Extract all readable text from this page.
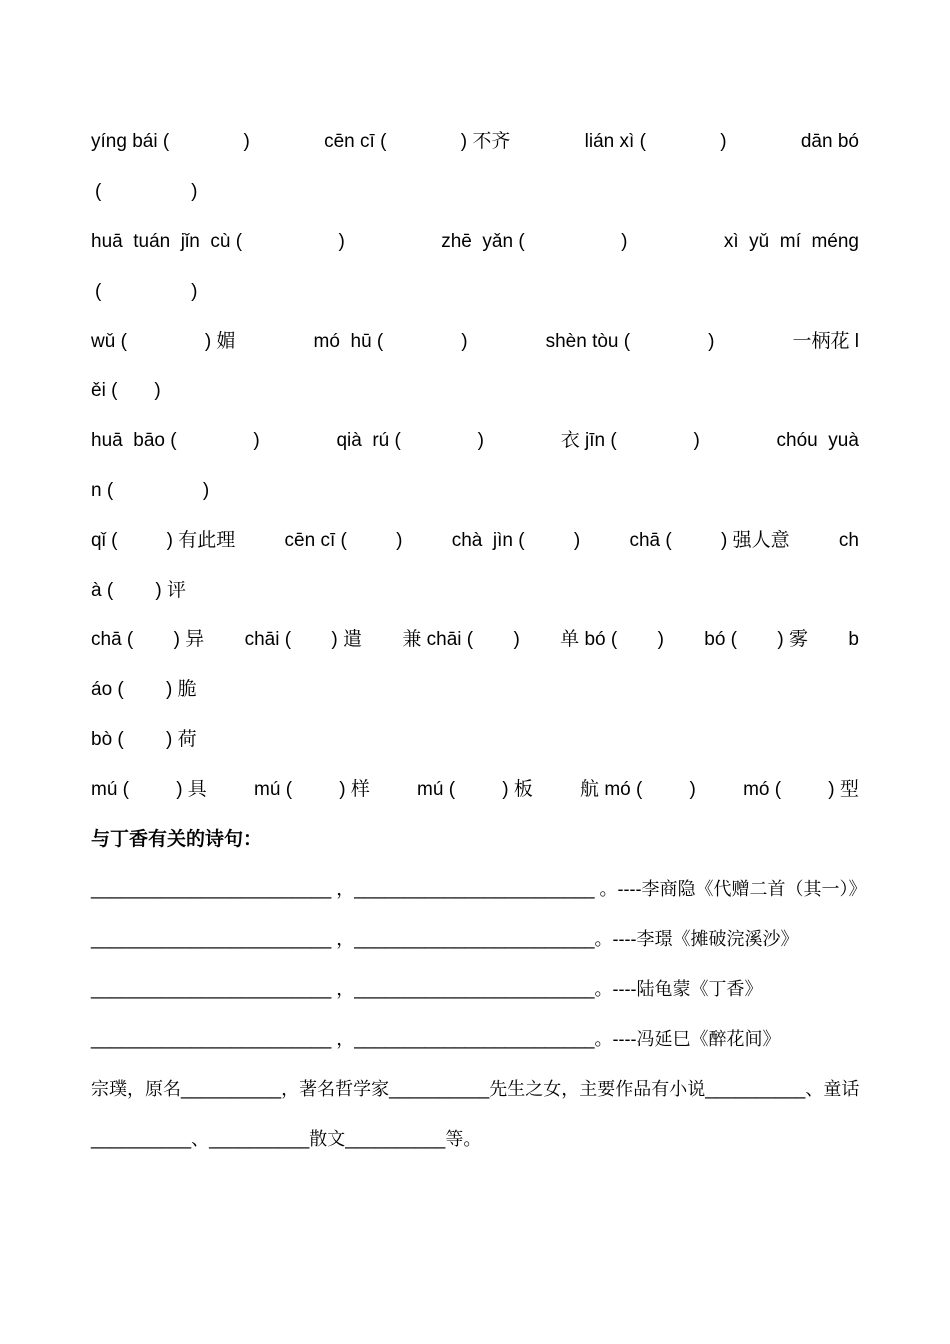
yíng bái (	)	cēn cī (	) 不齐	lián xì (	)	dān bó
(                 )
huā  tuán  jǐn  cù (	)	zhē  yǎn (	)	xì  yǔ  mí  méng
(                 )
wǔ (	) 媚	mó  hū (	)	shèn tòu (	)	一柄花 l
ěi (       )
huā  bāo (	)	qià  rú (	)	衣 jīn (	)	chóu  yuà
n (                 )
qǐ (	) 有此理	cēn cī (	)	chà  jìn (	)	chā (	) 强人意	ch
à (        ) 评
chā ( ) 异 chāi ( ) 遣 兼 chāi ( ) 单 bó ( ) bó ( ) 雾 b
áo (        ) 脆
bò (        ) 荷
mú ( ) 具 mú ( ) 样 mú ( ) 板 航 mó ( ) mó ( ) 型
与丁香有关的诗句：
________________________ ，________________________ 。----李商隐《代赠二首（其一）》
________________________ ，________________________。----李璟《摊破浣溪沙》
________________________ ，________________________。----陆龟蒙《丁香》
________________________ ，________________________。----冯延巳《醉花间》
宗璞，原名__________，著名哲学家__________先生之女，主要作品有小说__________、 童话
__________、__________散文__________等。
